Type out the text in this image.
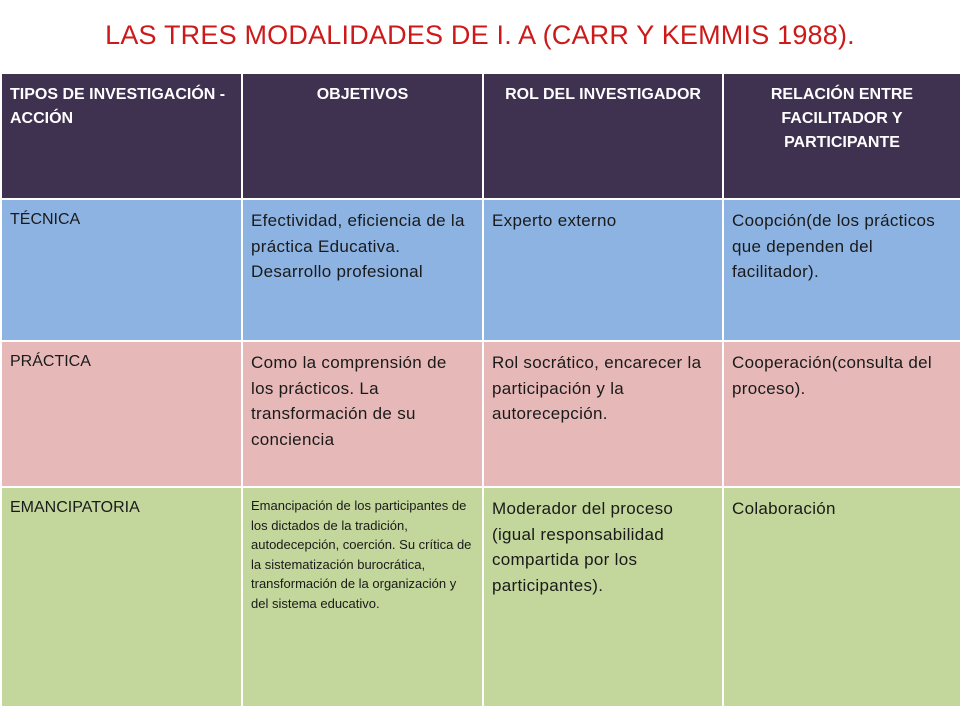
LAS TRES MODALIDADES DE I. A (CARR Y KEMMIS 1988).
TIPOS DE INVESTIGACIÓN - ACCIÓN	OBJETIVOS	ROL DEL INVESTIGADOR	RELACIÓN ENTRE FACILITADOR Y PARTICIPANTE
TÉCNICA	Efectividad, eficiencia de la práctica Educativa. Desarrollo profesional	Experto externo	Coopción(de los prácticos que dependen del facilitador).
PRÁCTICA	Como la comprensión de los prácticos. La transformación de su conciencia	Rol socrático, encarecer la participación y la autorecepción.	Cooperación(consulta del proceso).
EMANCIPATORIA	Emancipación de los participantes de los dictados de la tradición, autodecepción, coerción. Su crítica de la sistematización burocrática, transformación de la organización y del sistema educativo.	Moderador del proceso (igual responsabilidad compartida por los participantes).	Colaboración
